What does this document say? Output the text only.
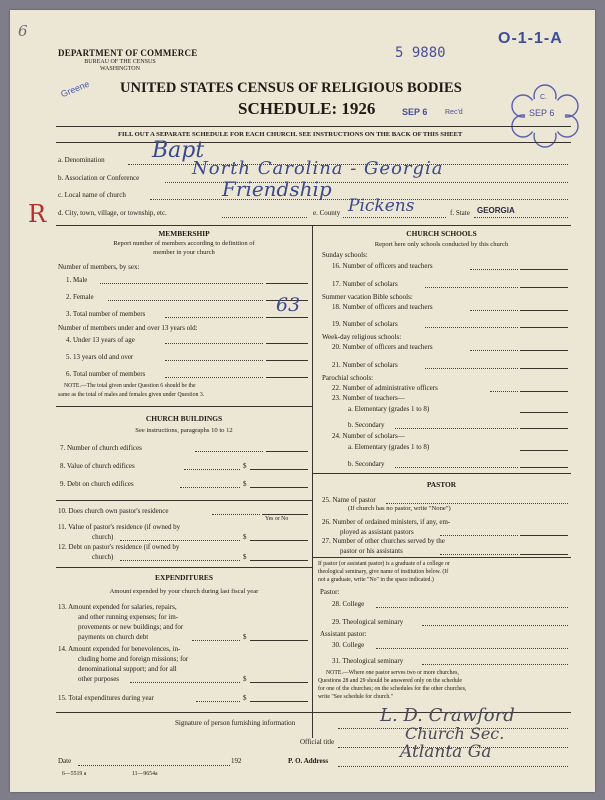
6	O-1-1-A
5 9880
DEPARTMENT OF COMMERCE
BUREAU OF THE CENSUS
WASHINGTON
Greene UNITED STATES CENSUS OF RELIGIOUS BODIES
SCHEDULE: 1926	SEP 6	Rec'd
C.
SEP 6
FILL OUT A SEPARATE SCHEDULE FOR EACH CHURCH. SEE INSTRUCTIONS ON THE BACK OF THIS SHEET
R
a. Denomination Bapt
b. Association or Conference	North Carolina - Georgia
c. Local name of church	Friendship
d. City, town, village, or township, etc.	e. County Pickens	f. State GEORGIA
MEMBERSHIP
Report number of members according to definition of
member in your church
Number of members, by sex:
1. Male
2. Female
3. Total number of members	63
Number of members under and over 13 years old:
4. Under 13 years of age
5. 13 years old and over
6. Total number of members
NOTE.—The total given under Question 6 should be the
same as the total of males and females given under Question 3.
CHURCH BUILDINGS
See instructions, paragraphs 10 to 12
7. Number of church edifices
8. Value of church edifices	$
9. Debt on church edifices	$
10. Does church own pastor's residence
Yes or No
11. Value of pastor's residence (if owned by
church)	$
12. Debt on pastor's residence (if owned by
church)	$
EXPENDITURES
Amount expended by your church during last fiscal year
13. Amount expended for salaries, repairs,
and other running expenses; for im-
provements or new buildings; and for
payments on church debt	$
14. Amount expended for benevolences, in-
cluding home and foreign missions; for
denominational support; and for all
other purposes	$
15. Total expenditures during year	$
CHURCH SCHOOLS
Report here only schools conducted by this church
Sunday schools:
16. Number of officers and teachers
17. Number of scholars
Summer vacation Bible schools:
18. Number of officers and teachers
19. Number of scholars
Week-day religious schools:
20. Number of officers and teachers
21. Number of scholars
Parochial schools:
22. Number of administrative officers
23. Number of teachers—
a. Elementary (grades 1 to 8)
b. Secondary
24. Number of scholars—
a. Elementary (grades 1 to 8)
b. Secondary
PASTOR
25. Name of pastor
(If church has no pastor, write "None")
26. Number of ordained ministers, if any, em-
ployed as assistant pastors
27. Number of other churches served by the
pastor or his assistants
If pastor (or assistant pastor) is a graduate of a college or
theological seminary, give name of institution below. (If
not a graduate, write "No" in the space indicated.)
Pastor:
28. College
29. Theological seminary
Assistant pastor:
30. College
31. Theological seminary
NOTE.—Where one pastor serves two or more churches,
Questions 28 and 29 should be answered only on the schedule
for one of the churches; on the schedules for the other churches,
write "See schedule for church."
Signature of person furnishing information	L. D. Crawford
Official title	Church Sec.
Date	192	P. O. Address	Atlanta Ga
6—5519 a	11—9654a
